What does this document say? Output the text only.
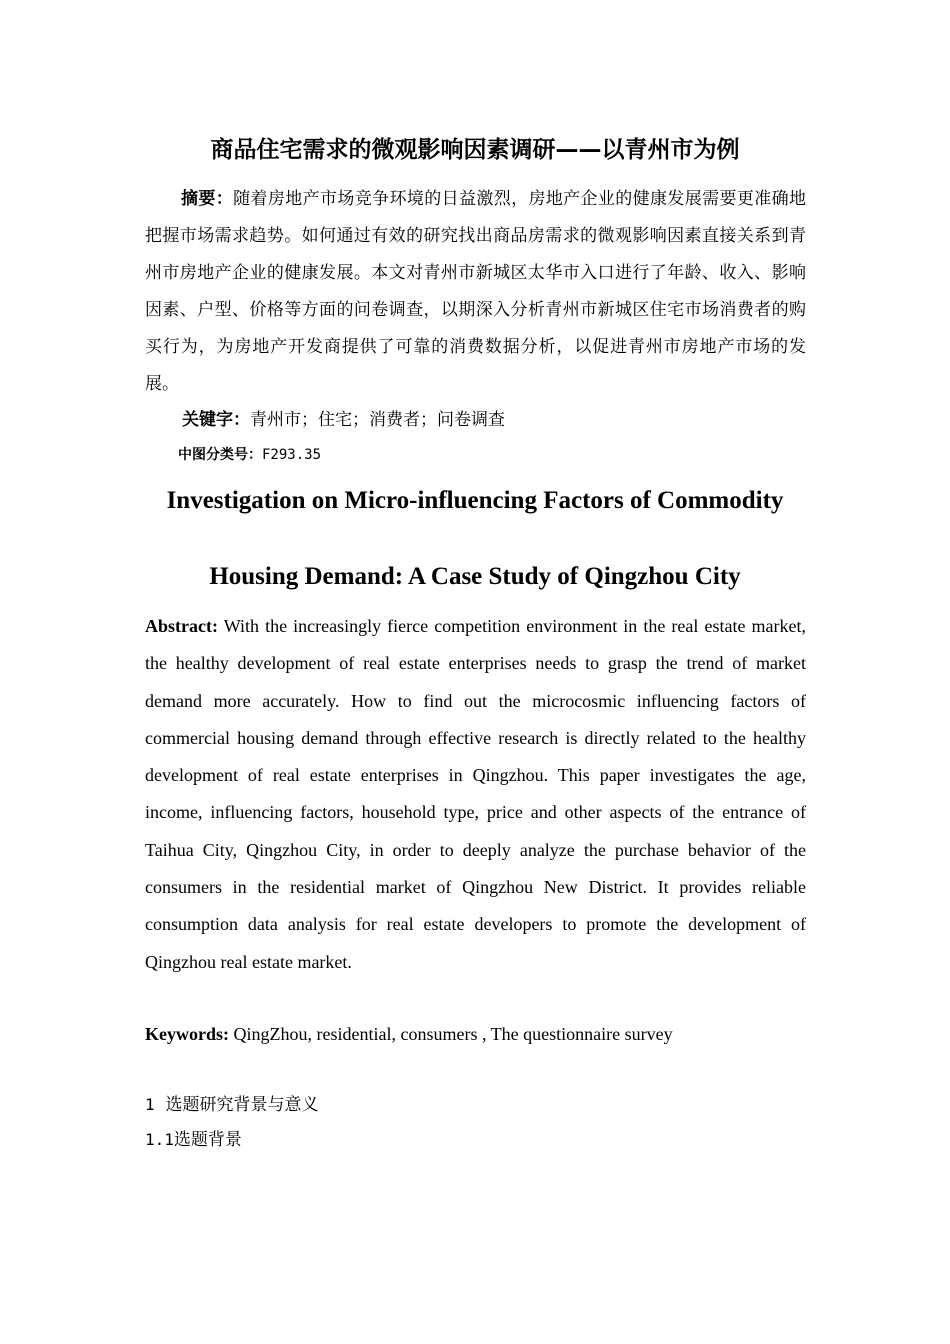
商品住宅需求的微观影响因素调研——以青州市为例

摘要：随着房地产市场竞争环境的日益激烈，房地产企业的健康发展需要更准确地把握市场需求趋势。如何通过有效的研究找出商品房需求的微观影响因素直接关系到青州市房地产企业的健康发展。本文对青州市新城区太华市入口进行了年龄、收入、影响因素、户型、价格等方面的问卷调查，以期深入分析青州市新城区住宅市场消费者的购买行为，为房地产开发商提供了可靠的消费数据分析，以促进青州市房地产市场的发展。

关键字：青州市；住宅；消费者；问卷调查
中图分类号：F293.35
Investigation on Micro-influencing Factors of Commodity
Housing Demand: A Case Study of Qingzhou City

Abstract: With the increasingly fierce competition environment in the real estate market, the healthy development of real estate enterprises needs to grasp the trend of market demand more accurately. How to find out the microcosmic influencing factors of commercial housing demand through effective research is directly related to the healthy development of real estate enterprises in Qingzhou. This paper investigates the age, income, influencing factors, household type, price and other aspects of the entrance of Taihua City, Qingzhou City, in order to deeply analyze the purchase behavior of the consumers in the residential market of Qingzhou New District. It provides reliable consumption data analysis for real estate developers to promote the development of Qingzhou real estate market.

Keywords: QingZhou, residential, consumers , The questionnaire survey
1 选题研究背景与意义
1.1选题背景
